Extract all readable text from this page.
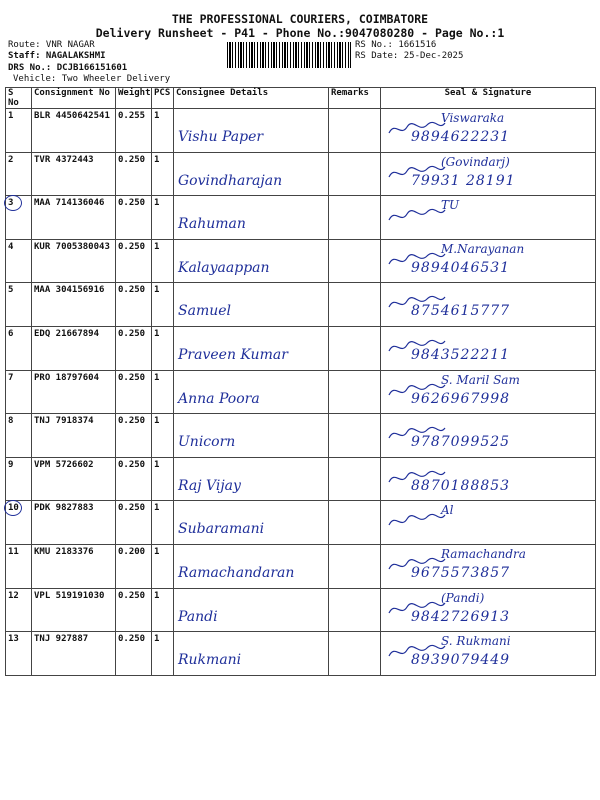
THE PROFESSIONAL COURIERS, COIMBATORE
Delivery Runsheet - P41 - Phone No.:9047080280 - Page No.:1
Route: VNR NAGAR
Staff: NAGALAKSHMI
DRS No.: DCJB166151601
Vehicle: Two Wheeler Delivery
RS No.: 1661516
RS Date: 25-Dec-2025
S No	Consignment No	Weight	PCS	Consignee Details	Remarks	Seal & Signature
1	BLR 4450642541	0.255	1	Vishu Paper		Viswaraka
9894622231

2	TVR 4372443	0.250	1	Govindharajan		(Govindarj)
79931 28191

3	MAA 714136046	0.250	1	Rahuman		TU

4	KUR 7005380043	0.250	1	Kalayaappan		M.Narayanan
9894046531

5	MAA 304156916	0.250	1	Samuel		8754615777

6	EDQ 21667894	0.250	1	Praveen Kumar		9843522211

7	PRO 18797604	0.250	1	Anna Poora		S. Maril Sam
9626967998

8	TNJ 7918374	0.250	1	Unicorn		9787099525

9	VPM 5726602	0.250	1	Raj Vijay		8870188853

10	PDK 9827883	0.250	1	Subaramani		Al

11	KMU 2183376	0.200	1	Ramachandaran		Ramachandra
9675573857

12	VPL 519191030	0.250	1	Pandi		(Pandi)
9842726913

13	TNJ 927887	0.250	1	Rukmani		S. Rukmani
8939079449
